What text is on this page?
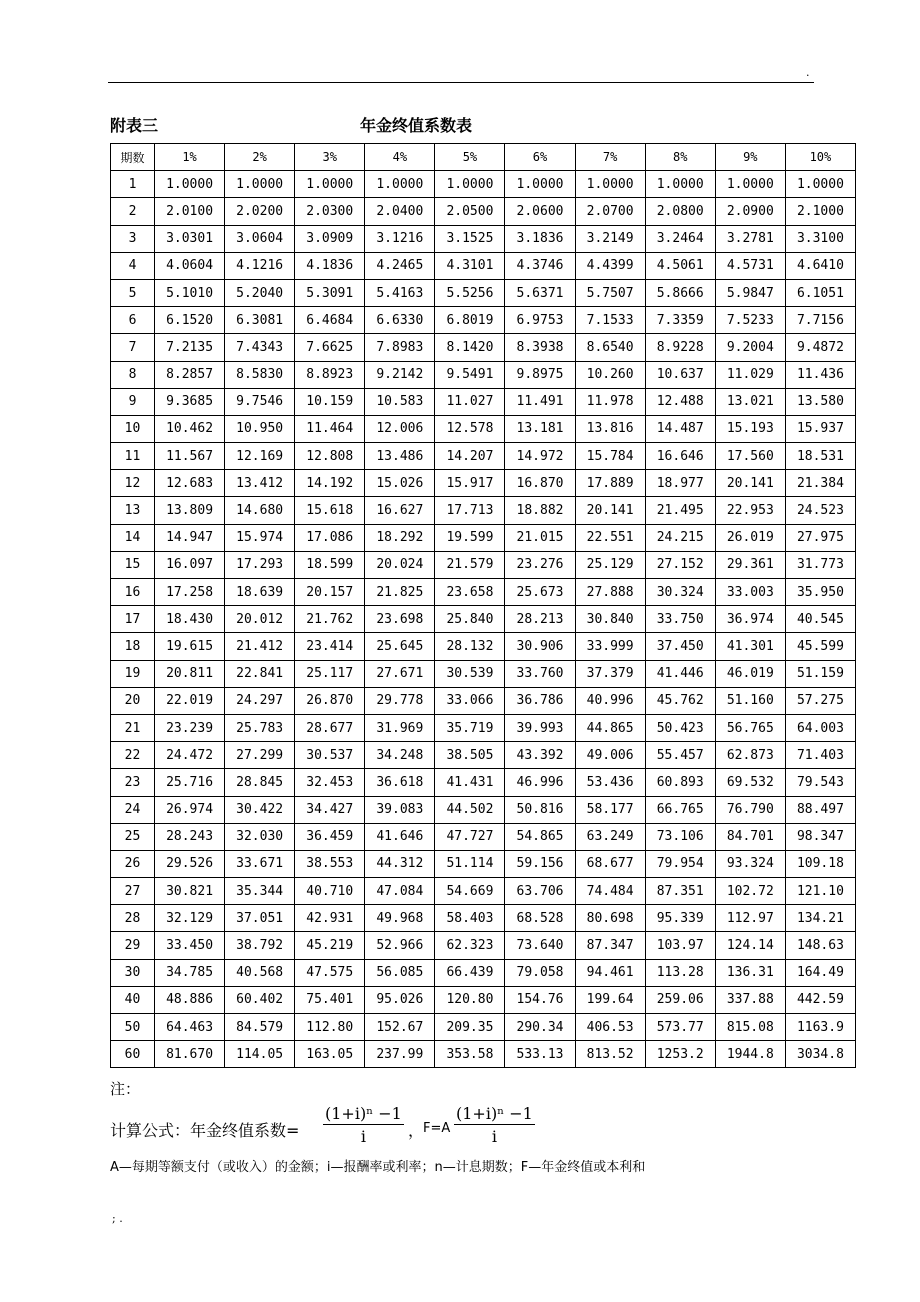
.
附表三	年金终值系数表
期数	1%	2%	3%	4%	5%	6%	7%	8%	9%	10%
1	1.0000	1.0000	1.0000	1.0000	1.0000	1.0000	1.0000	1.0000	1.0000	1.0000
2	2.0100	2.0200	2.0300	2.0400	2.0500	2.0600	2.0700	2.0800	2.0900	2.1000
3	3.0301	3.0604	3.0909	3.1216	3.1525	3.1836	3.2149	3.2464	3.2781	3.3100
4	4.0604	4.1216	4.1836	4.2465	4.3101	4.3746	4.4399	4.5061	4.5731	4.6410
5	5.1010	5.2040	5.3091	5.4163	5.5256	5.6371	5.7507	5.8666	5.9847	6.1051
6	6.1520	6.3081	6.4684	6.6330	6.8019	6.9753	7.1533	7.3359	7.5233	7.7156
7	7.2135	7.4343	7.6625	7.8983	8.1420	8.3938	8.6540	8.9228	9.2004	9.4872
8	8.2857	8.5830	8.8923	9.2142	9.5491	9.8975	10.260	10.637	11.029	11.436
9	9.3685	9.7546	10.159	10.583	11.027	11.491	11.978	12.488	13.021	13.580
10	10.462	10.950	11.464	12.006	12.578	13.181	13.816	14.487	15.193	15.937
11	11.567	12.169	12.808	13.486	14.207	14.972	15.784	16.646	17.560	18.531
12	12.683	13.412	14.192	15.026	15.917	16.870	17.889	18.977	20.141	21.384
13	13.809	14.680	15.618	16.627	17.713	18.882	20.141	21.495	22.953	24.523
14	14.947	15.974	17.086	18.292	19.599	21.015	22.551	24.215	26.019	27.975
15	16.097	17.293	18.599	20.024	21.579	23.276	25.129	27.152	29.361	31.773
16	17.258	18.639	20.157	21.825	23.658	25.673	27.888	30.324	33.003	35.950
17	18.430	20.012	21.762	23.698	25.840	28.213	30.840	33.750	36.974	40.545
18	19.615	21.412	23.414	25.645	28.132	30.906	33.999	37.450	41.301	45.599
19	20.811	22.841	25.117	27.671	30.539	33.760	37.379	41.446	46.019	51.159
20	22.019	24.297	26.870	29.778	33.066	36.786	40.996	45.762	51.160	57.275
21	23.239	25.783	28.677	31.969	35.719	39.993	44.865	50.423	56.765	64.003
22	24.472	27.299	30.537	34.248	38.505	43.392	49.006	55.457	62.873	71.403
23	25.716	28.845	32.453	36.618	41.431	46.996	53.436	60.893	69.532	79.543
24	26.974	30.422	34.427	39.083	44.502	50.816	58.177	66.765	76.790	88.497
25	28.243	32.030	36.459	41.646	47.727	54.865	63.249	73.106	84.701	98.347
26	29.526	33.671	38.553	44.312	51.114	59.156	68.677	79.954	93.324	109.18
27	30.821	35.344	40.710	47.084	54.669	63.706	74.484	87.351	102.72	121.10
28	32.129	37.051	42.931	49.968	58.403	68.528	80.698	95.339	112.97	134.21
29	33.450	38.792	45.219	52.966	62.323	73.640	87.347	103.97	124.14	148.63
30	34.785	40.568	47.575	56.085	66.439	79.058	94.461	113.28	136.31	164.49
40	48.886	60.402	75.401	95.026	120.80	154.76	199.64	259.06	337.88	442.59
50	64.463	84.579	112.80	152.67	209.35	290.34	406.53	573.77	815.08	1163.9
60	81.670	114.05	163.05	237.99	353.58	533.13	813.52	1253.2	1944.8	3034.8
注：
计算公式：年金终值系数= $\frac{\text{(1+i)ⁿ −1}}{i}$ ，
$F=A \frac{\text{(1+i)ⁿ −1}}{i}$
A—每期等额支付（或收入）的金额；i—报酬率或利率；n—计息期数；F—年金终值或本利和
; .
